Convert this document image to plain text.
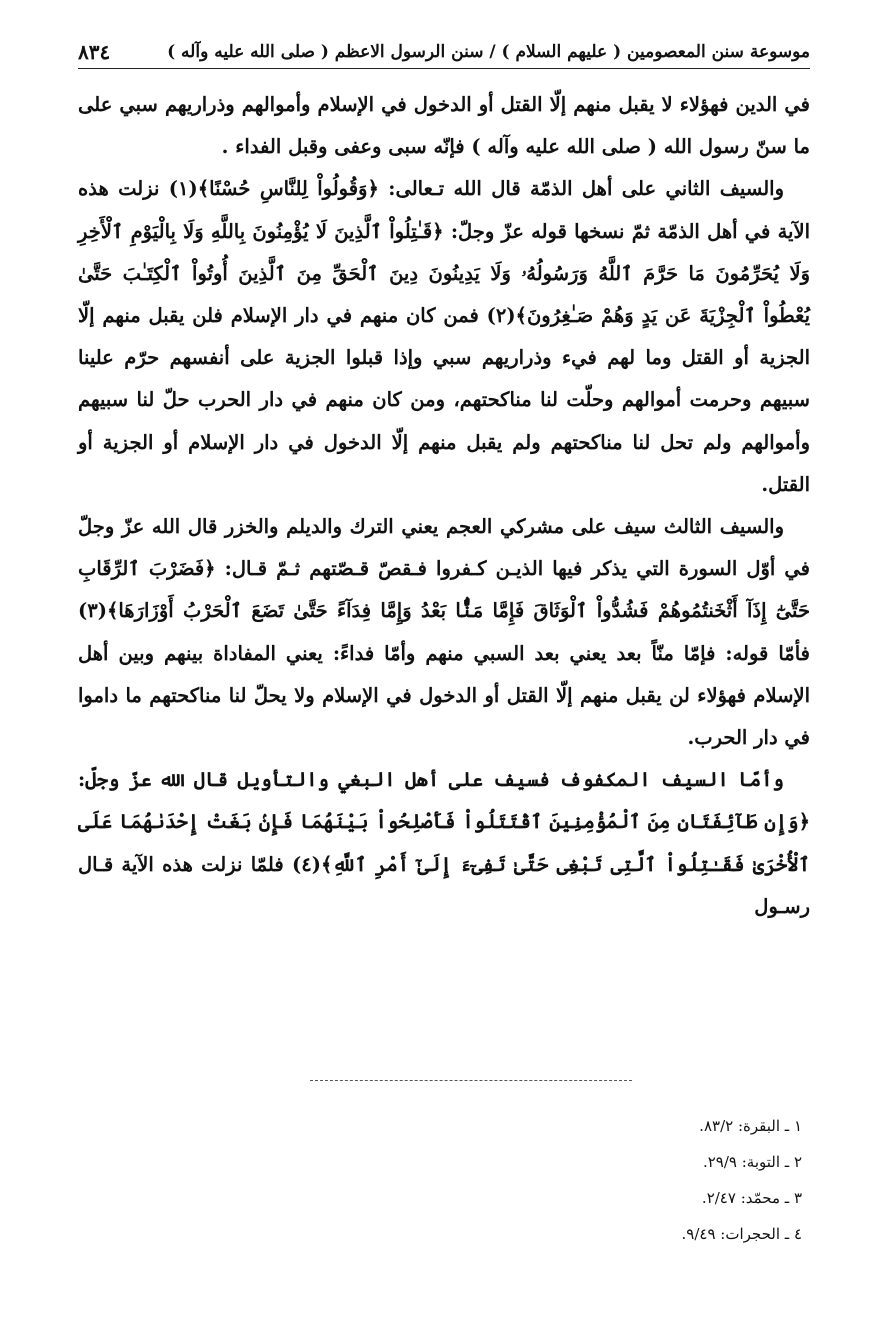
موسوعة سنن المعصومين ( عليهم السلام ) / سنن الرسول الاعظم ( صلى الله عليه وآله )
٨٣٤

في الدين فهؤلاء لا يقبل منهم إلّا القتل أو الدخول في الإسلام وأموالهم وذراريهم سبي على ما سنّ رسول الله ( صلى الله عليه وآله ) فإنّه سبى وعفى وقبل الفداء .

والسيف الثاني على أهل الذمّة قال الله تـعالى: ﴿وَقُولُواْ لِلنَّاسِ حُسْنًا﴾(١) نزلت هذه الآية في أهل الذمّة ثمّ نسخها قوله عزّ وجلّ: ﴿قَـٰتِلُواْ ٱلَّذِينَ لَا يُؤْمِنُونَ بِاللَّهِ وَلَا بِالْيَوْمِ ٱلْأَخِرِ وَلَا يُحَرِّمُونَ مَا حَرَّمَ ٱللَّهُ وَرَسُولُهُۥ وَلَا يَدِينُونَ دِينَ ٱلْحَقِّ مِنَ ٱلَّذِينَ أُوتُواْ ٱلْكِتَـٰبَ حَتَّىٰ يُعْطُواْ ٱلْجِزْيَةَ عَن يَدٍ وَهُمْ صَـٰغِرُونَ﴾(٢) فمن كان منهم في دار الإسلام فلن يقبل منهم إلّا الجزية أو القتل وما لهم فيء وذراريهم سبي وإذا قبلوا الجزية على أنفسهم حرّم علينا سبيهم وحرمت أموالهم وحلّت لنا مناكحتهم، ومن كان منهم في دار الحرب حلّ لنا سبيهم وأموالهم ولم تحل لنا مناكحتهم ولم يقبل منهم إلّا الدخول في دار الإسلام أو الجزية أو القتل.

والسيف الثالث سيف على مشركي العجم يعني الترك والديلم والخزر قال الله عزّ وجلّ في أوّل السورة التي يذكر فيها الذيـن كـفروا فـقصّ قـصّتهم ثـمّ قـال: ﴿فَضَرْبَ ٱلرِّقَابِ حَتَّىٰٓ إِذَآ أَثْخَنتُمُوهُمْ فَشُدُّواْ ٱلْوَثَاقَ فَإِمَّا مَنًّۢا بَعْدُ وَإِمَّا فِدَآءً حَتَّىٰ تَضَعَ ٱلْحَرْبُ أَوْزَارَهَا﴾(٣) فأمّا قوله: فإمّا منّاً بعد يعني بعد السبي منهم وأمّا فداءً: يعني المفاداة بينهم وبين أهل الإسلام فهؤلاء لن يقبل منهم إلّا القتل أو الدخول في الإسلام ولا يحلّ لنا مناكحتهم ما داموا في دار الحرب.

وأمّا السيف المكفوف فسيف على أهل البغي والتأويل قال الله عزّ وجلّ: ﴿وَإِن طَآئِفَتَانِ مِنَ ٱلْمُؤْمِنِينَ ٱقْتَتَلُواْ فَأَصْلِحُواْ بَيْنَهُمَا فَإِنۢ بَغَتْ إِحْدَىٰهُمَا عَلَى ٱلْأُخْرَىٰ فَقَـٰتِلُواْ ٱلَّتِى تَبْغِى حَتَّىٰ تَفِىٓءَ إِلَىٰٓ أَمْرِ ٱللَّهِ﴾(٤) فلمّا نزلت هذه الآية قـال رسـول

١ ـ البقرة: ٨٣/٢.
٢ ـ التوبة: ٢٩/٩.
٣ ـ محمّد: ٢/٤٧.
٤ ـ الحجرات: ٩/٤٩.
